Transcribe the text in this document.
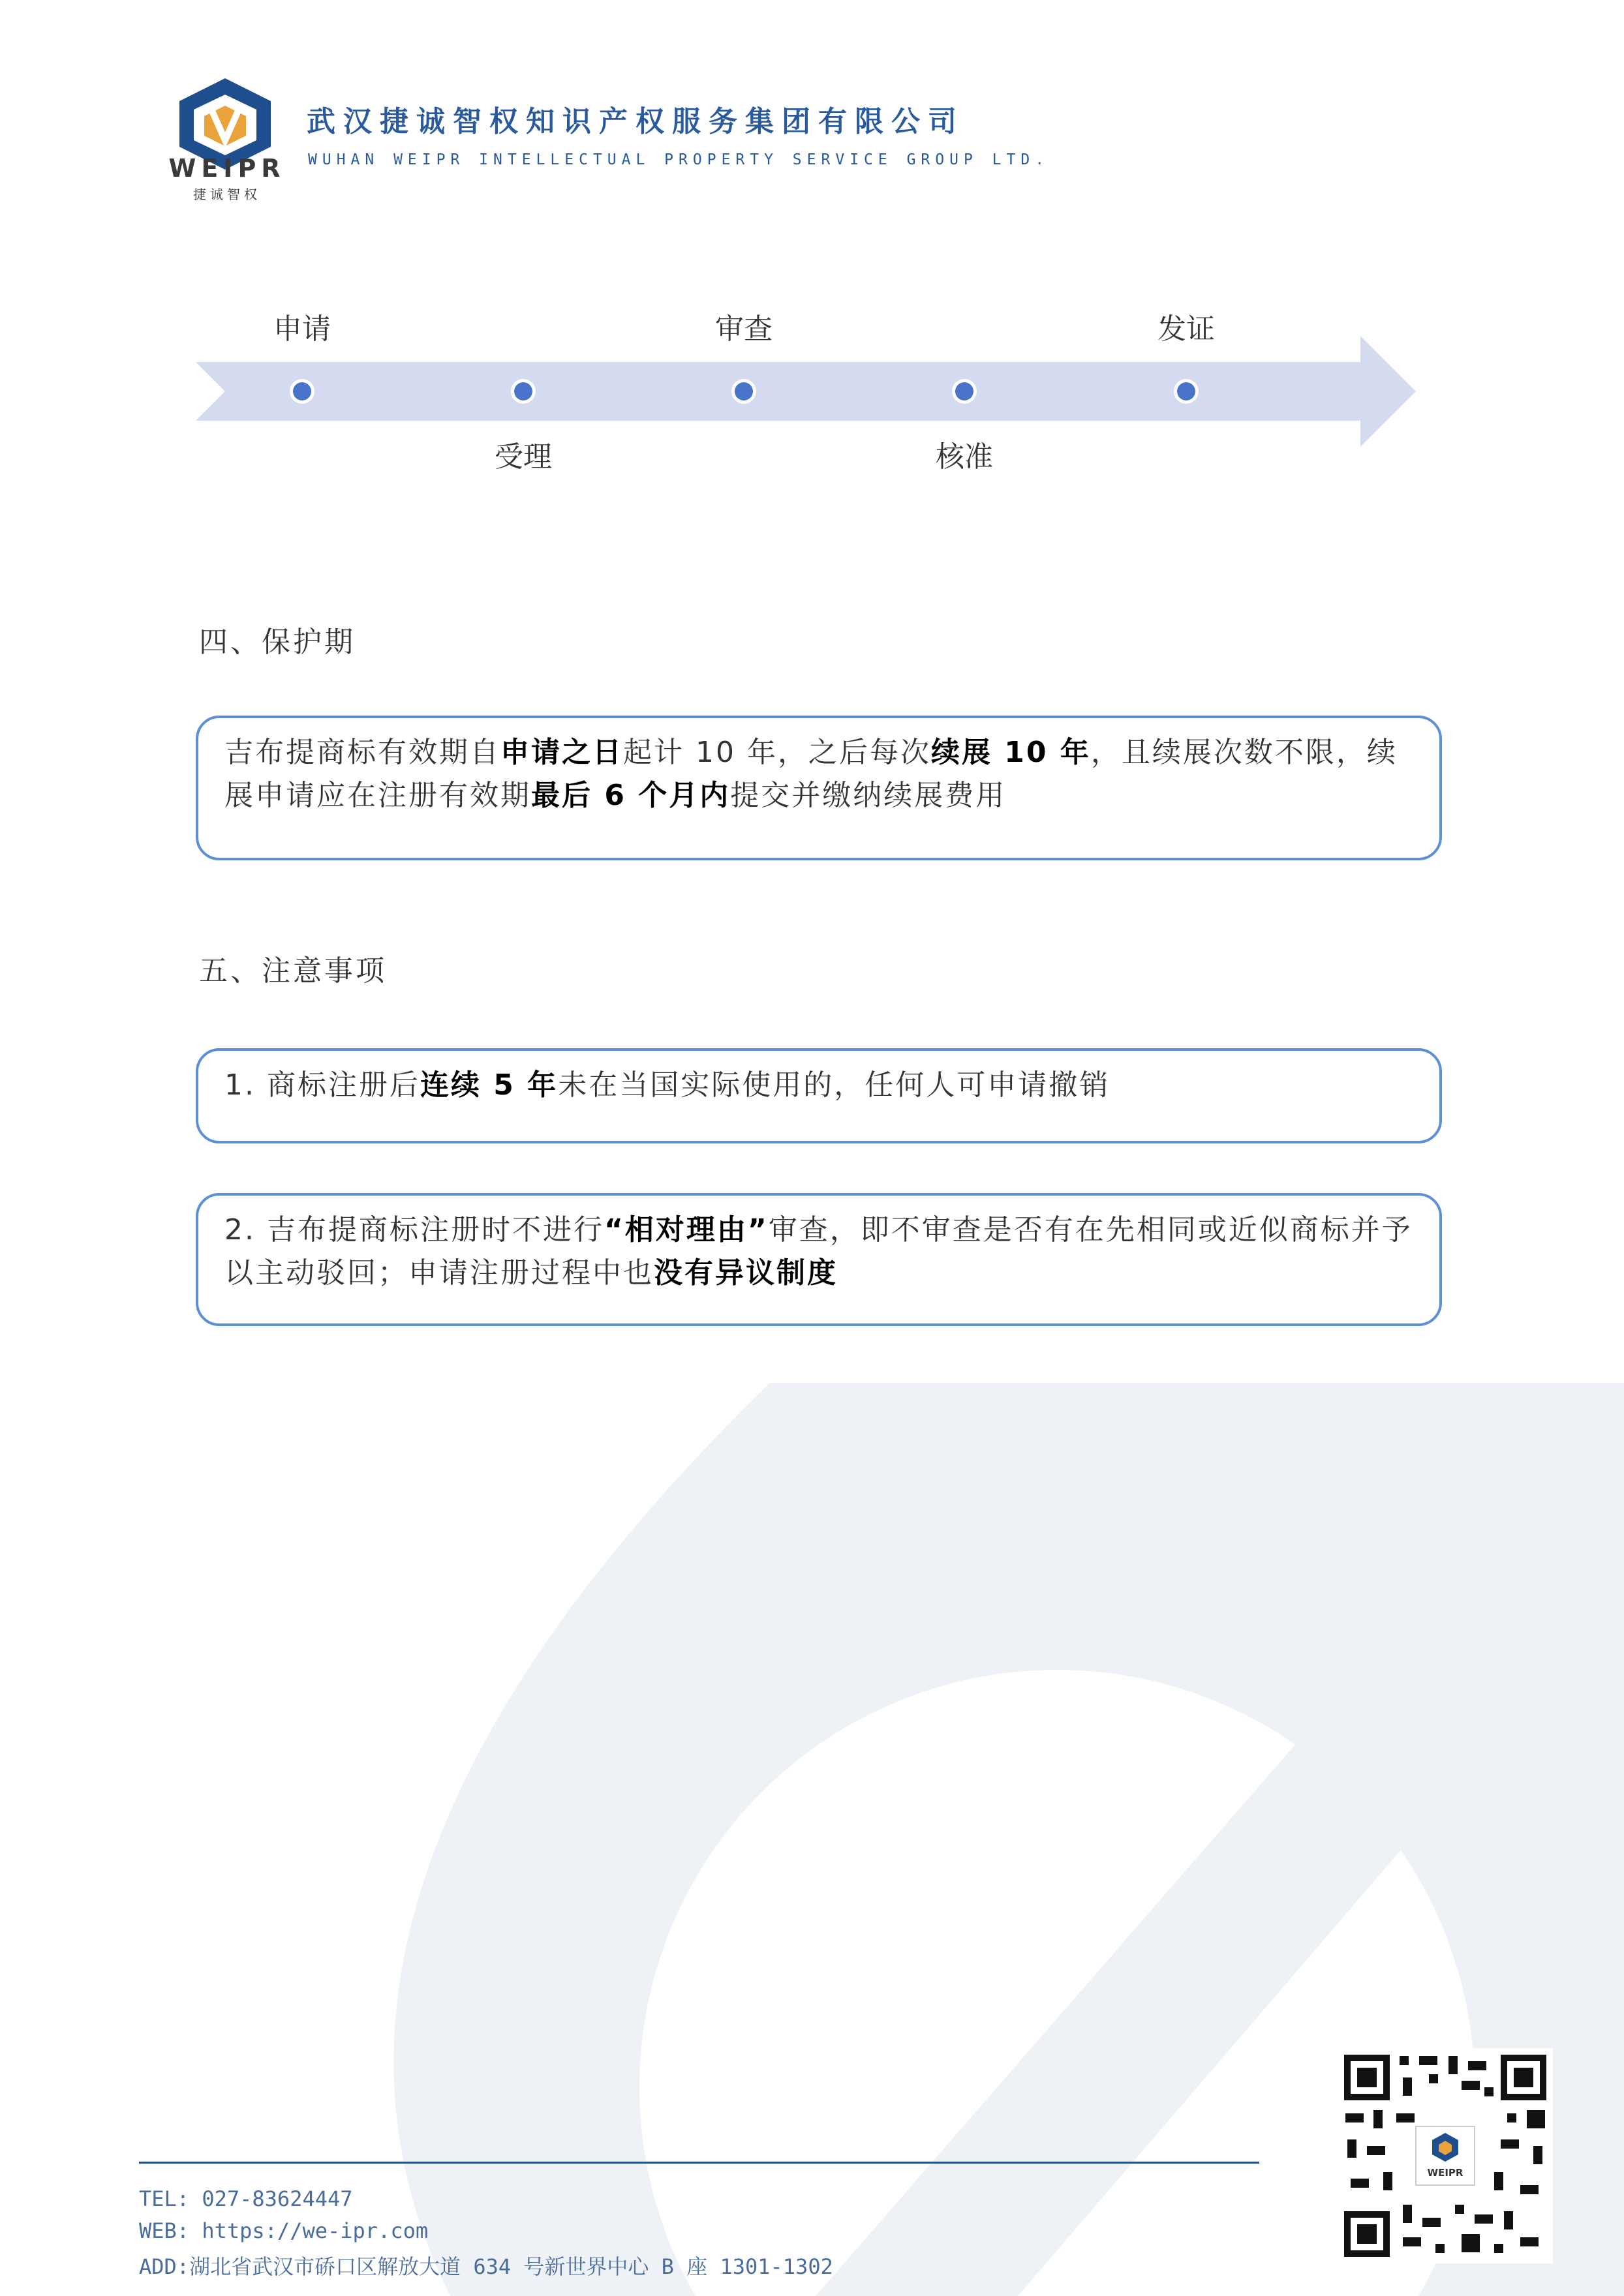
WEIPR
捷诚智权
武汉捷诚智权知识产权服务集团有限公司
WUHAN WEIPR INTELLECTUAL PROPERTY SERVICE GROUP LTD.
申请	审查	发证
受理	核准
四、保护期
吉布提商标有效期自申请之日起计 10 年，之后每次续展 10 年，且续展次数不限，续展申请应在注册有效期最后 6 个月内提交并缴纳续展费用
五、注意事项
1. 商标注册后连续 5 年未在当国实际使用的，任何人可申请撤销
2. 吉布提商标注册时不进行“相对理由”审查，即不审查是否有在先相同或近似商标并予以主动驳回；申请注册过程中也没有异议制度
TEL: 027-83624447
WEB: https://we-ipr.com
ADD:湖北省武汉市硚口区解放大道 634 号新世界中心 B 座 1301-1302
WEIPR
